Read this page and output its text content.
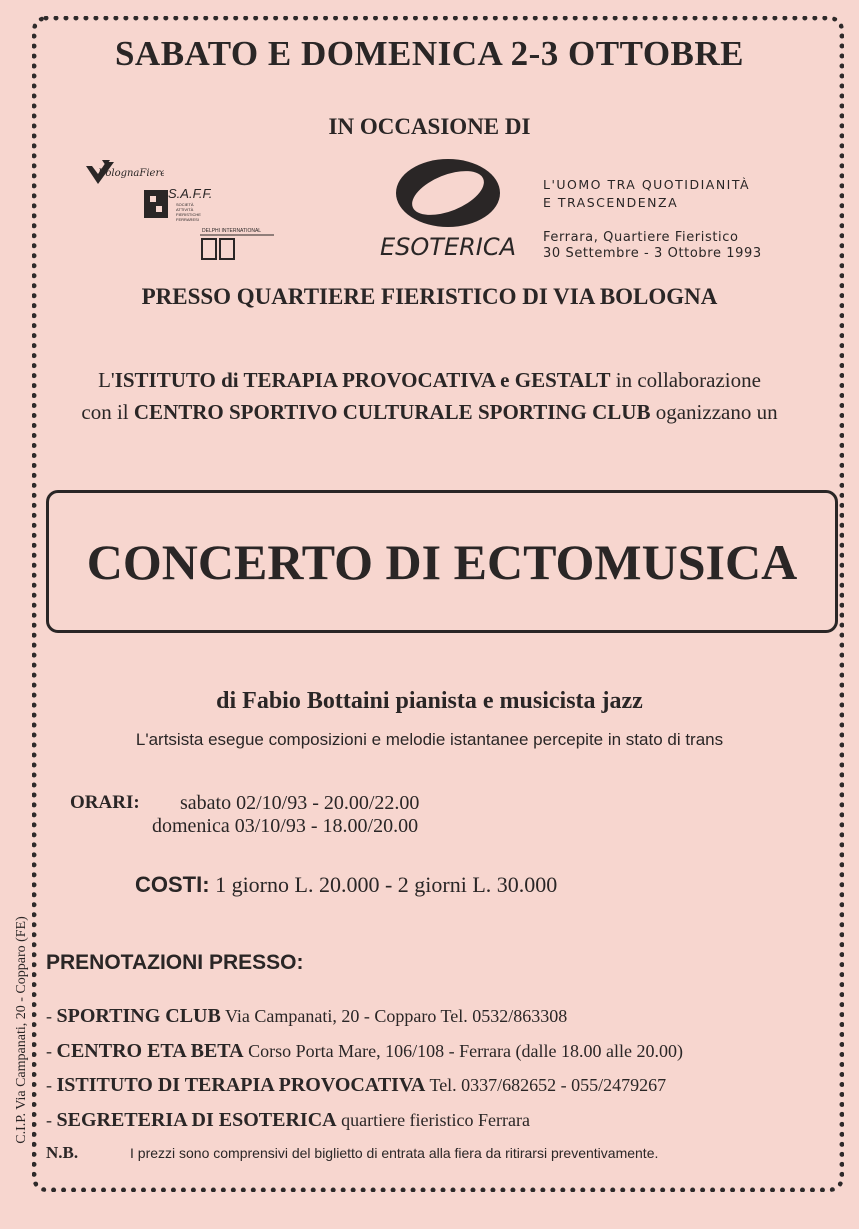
SABATO E DOMENICA 2-3 OTTOBRE
IN OCCASIONE DI
BolognaFiere
S.A.F.F.
SOCIETÀ
ATTIVITÀ
FIERISTICHE
FERRARESI
DELPHI INTERNATIONAL
ESOTERICA
L'UOMO TRA QUOTIDIANITÀ
E TRASCENDENZA
Ferrara, Quartiere Fieristico
30 Settembre - 3 Ottobre 1993
PRESSO QUARTIERE FIERISTICO DI VIA BOLOGNA
L'ISTITUTO di TERAPIA PROVOCATIVA e GESTALT in collaborazione
con il CENTRO SPORTIVO CULTURALE SPORTING CLUB oganizzano un
CONCERTO DI ECTOMUSICA
di Fabio Bottaini pianista e musicista jazz
L'artsista esegue composizioni e melodie istantanee percepite in stato di trans
ORARI: sabato 02/10/93 - 20.00/22.00
domenica 03/10/93 - 18.00/20.00
COSTI: 1 giorno L. 20.000 - 2 giorni L. 30.000
PRENOTAZIONI PRESSO:
- SPORTING CLUB Via Campanati, 20 - Copparo Tel. 0532/863308
- CENTRO ETA BETA Corso Porta Mare, 106/108 - Ferrara (dalle 18.00 alle 20.00)
- ISTITUTO DI TERAPIA PROVOCATIVA Tel. 0337/682652 - 055/2479267
- SEGRETERIA DI ESOTERICA quartiere fieristico Ferrara
N.B.	I prezzi sono comprensivi del biglietto di entrata alla fiera da ritirarsi preventivamente.
C.I.P. Via Campanati, 20 - Copparo (FE)
